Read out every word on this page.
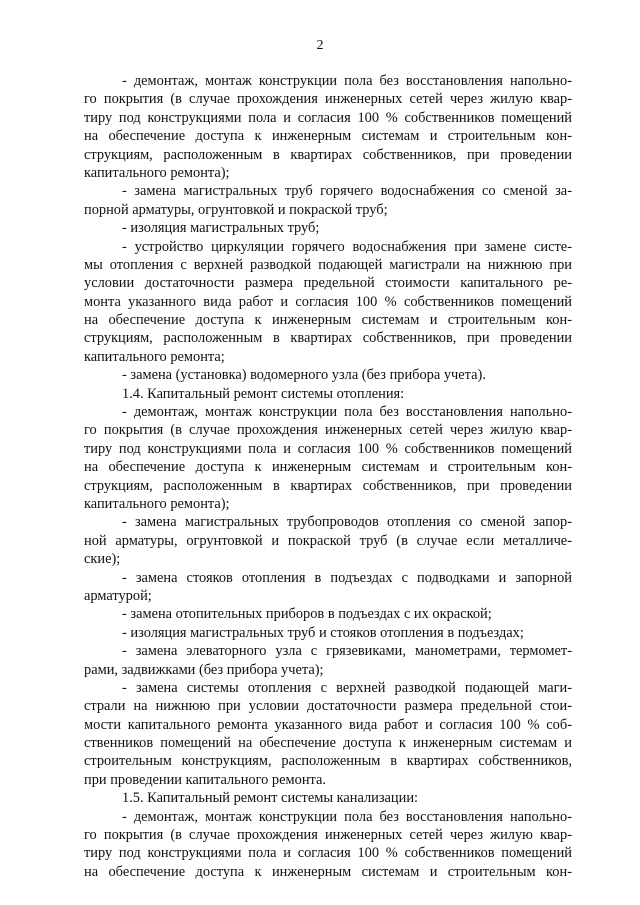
2
- демонтаж, монтаж конструкции пола без восстановления напольно-
го покрытия (в случае прохождения инженерных сетей через жилую квар-
тиру под конструкциями пола и согласия 100 % собственников помещений
на обеспечение доступа к инженерным системам и строительным кон-
струкциям, расположенным в квартирах собственников, при проведении
капитального ремонта);
- замена магистральных труб горячего водоснабжения со сменой за-
порной арматуры, огрунтовкой и покраской труб;
- изоляция магистральных труб;
- устройство циркуляции горячего водоснабжения при замене систе-
мы отопления с верхней разводкой подающей магистрали на нижнюю при
условии достаточности размера предельной стоимости капитального ре-
монта указанного вида работ и согласия 100 % собственников помещений
на обеспечение доступа к инженерным системам и строительным кон-
струкциям, расположенным в квартирах собственников, при проведении
капитального ремонта;
- замена (установка) водомерного узла (без прибора учета).
1.4. Капитальный ремонт системы отопления:
- демонтаж, монтаж конструкции пола без восстановления напольно-
го покрытия (в случае прохождения инженерных сетей через жилую квар-
тиру под конструкциями пола и согласия 100 % собственников помещений
на обеспечение доступа к инженерным системам и строительным кон-
струкциям, расположенным в квартирах собственников, при проведении
капитального ремонта);
- замена магистральных трубопроводов отопления со сменой запор-
ной арматуры, огрунтовкой и покраской труб (в случае если металличе-
ские);
- замена стояков отопления в подъездах с подводками и запорной
арматурой;
- замена отопительных приборов в подъездах с их окраской;
- изоляция магистральных труб и стояков отопления в подъездах;
- замена элеваторного узла с грязевиками, манометрами, термомет-
рами, задвижками (без прибора учета);
- замена системы отопления с верхней разводкой подающей маги-
страли на нижнюю при условии достаточности размера предельной стои-
мости капитального ремонта указанного вида работ и согласия 100 % соб-
ственников помещений на обеспечение доступа к инженерным системам и
строительным конструкциям, расположенным в квартирах собственников,
при проведении капитального ремонта.
1.5. Капитальный ремонт системы канализации:
- демонтаж, монтаж конструкции пола без восстановления напольно-
го покрытия (в случае прохождения инженерных сетей через жилую квар-
тиру под конструкциями пола и согласия 100 % собственников помещений
на обеспечение доступа к инженерным системам и строительным кон-
